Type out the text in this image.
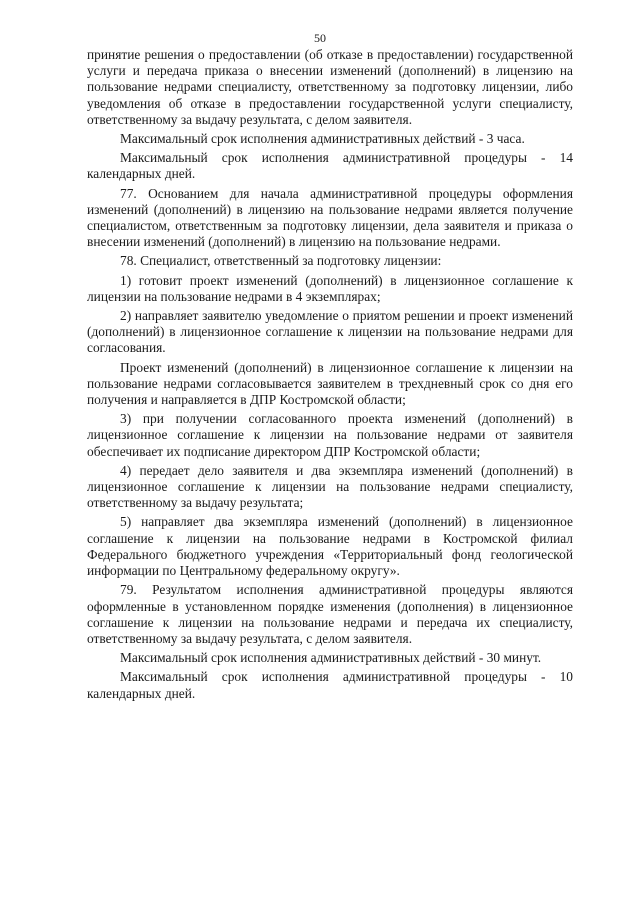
50

принятие решения о предоставлении (об отказе в предоставлении) государственной услуги и передача приказа о внесении изменений (дополнений) в лицензию на пользование недрами специалисту, ответственному за подготовку лицензии, либо уведомления об отказе в предоставлении государственной услуги специалисту, ответственному за выдачу результата, с делом заявителя.

Максимальный срок исполнения административных действий - 3 часа.

Максимальный срок исполнения административной процедуры - 14 календарных дней.

77. Основанием для начала административной процедуры оформления изменений (дополнений) в лицензию на пользование недрами является получение специалистом, ответственным за подготовку лицензии, дела заявителя и приказа о внесении изменений (дополнений) в лицензию на пользование недрами.

78. Специалист, ответственный за подготовку лицензии:

1) готовит проект изменений (дополнений) в лицензионное соглашение к лицензии на пользование недрами в 4 экземплярах;

2) направляет заявителю уведомление о приятом решении и проект изменений (дополнений) в лицензионное соглашение к лицензии на пользование недрами для согласования.

Проект изменений (дополнений) в лицензионное соглашение к лицензии на пользование недрами согласовывается заявителем в трехдневный срок со дня его получения и направляется в ДПР Костромской области;

3) при получении согласованного проекта изменений (дополнений) в лицензионное соглашение к лицензии на пользование недрами от заявителя обеспечивает их подписание директором ДПР Костромской области;

4) передает дело заявителя и два экземпляра изменений (дополнений) в лицензионное соглашение к лицензии на пользование недрами специалисту, ответственному за выдачу результата;

5) направляет два экземпляра изменений (дополнений) в лицензионное соглашение к лицензии на пользование недрами в Костромской филиал Федерального бюджетного учреждения «Территориальный фонд геологической информации по Центральному федеральному округу».

79. Результатом исполнения административной процедуры являются оформленные в установленном порядке изменения (дополнения) в лицензионное соглашение к лицензии на пользование недрами и передача их специалисту, ответственному за выдачу результата, с делом заявителя.

Максимальный срок исполнения административных действий - 30 минут.

Максимальный срок исполнения административной процедуры - 10 календарных дней.
